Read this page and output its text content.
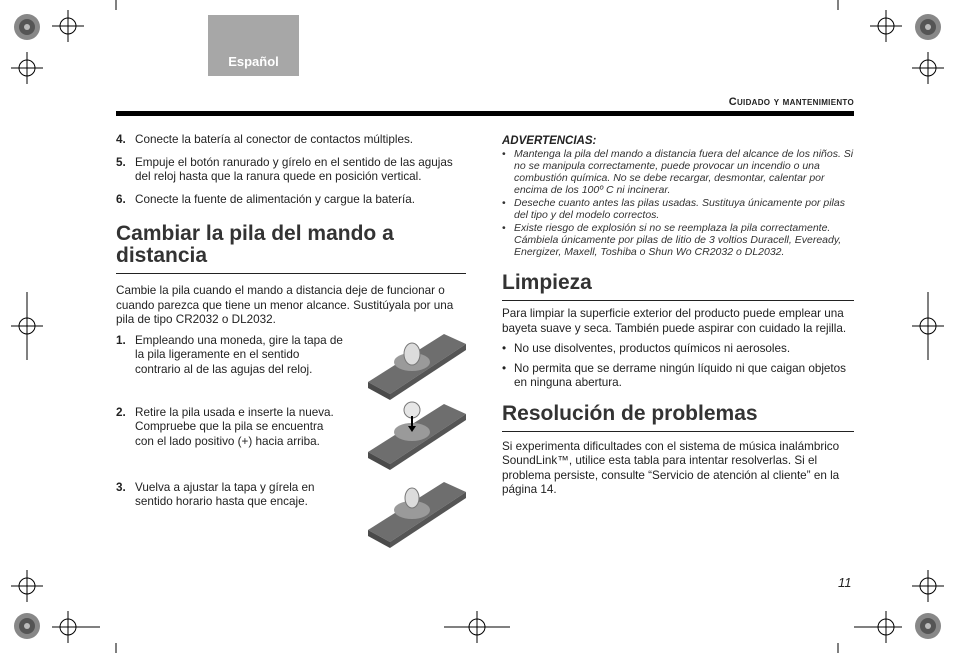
Español
Cuidado y mantenimiento
4. Conecte la batería al conector de contactos múltiples.
5. Empuje el botón ranurado y gírelo en el sentido de las agujas del reloj hasta que la ranura quede en posición vertical.
6. Conecte la fuente de alimentación y cargue la batería.
Cambiar la pila del mando a distancia

Cambie la pila cuando el mando a distancia deje de funcionar o cuando parezca que tiene un menor alcance. Sustitúyala por una pila de tipo CR2032 o DL2032.

1. Empleando una moneda, gire la tapa de la pila ligeramente en el sentido contrario al de las agujas del reloj.
2. Retire la pila usada e inserte la nueva. Compruebe que la pila se encuentra con el lado positivo (+) hacia arriba.
3. Vuelva a ajustar la tapa y gírela en sentido horario hasta que encaje.
ADVERTENCIAS:
• Mantenga la pila del mando a distancia fuera del alcance de los niños. Si no se manipula correctamente, puede provocar un incendio o una combustión química. No se debe recargar, desmontar, calentar por encima de los 100º C ni incinerar.
• Deseche cuanto antes las pilas usadas. Sustituya únicamente por pilas del tipo y del modelo correctos.
• Existe riesgo de explosión si no se reemplaza la pila correctamente. Cámbiela únicamente por pilas de litio de 3 voltios Duracell, Eveready, Energizer, Maxell, Toshiba o Shun Wo CR2032 o DL2032.
Limpieza

Para limpiar la superficie exterior del producto puede emplear una bayeta suave y seca. También puede aspirar con cuidado la rejilla.

• No use disolventes, productos químicos ni aerosoles.
• No permita que se derrame ningún líquido ni que caigan objetos en ninguna abertura.
Resolución de problemas

Si experimenta dificultades con el sistema de música inalámbrico SoundLink™, utilice esta tabla para intentar resolverlas. Si el problema persiste, consulte “Servicio de atención al cliente” en la página 14.

11
